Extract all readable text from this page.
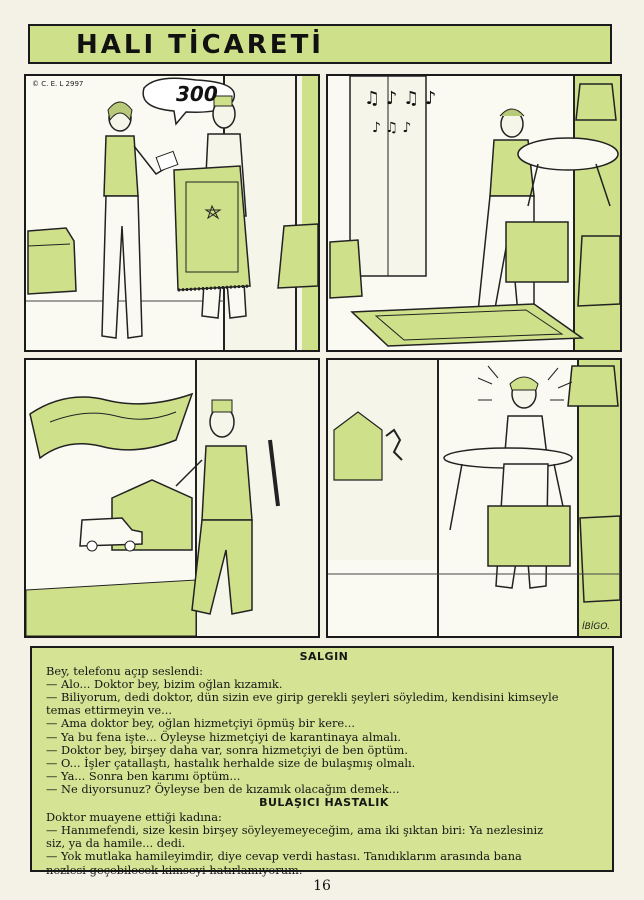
HALI TİCARETİ
© C. E. L 2997	300	♫ ♪ ♫ ♪
♪ ♫ ♪
İBİGO.
SALGIN
Bey, telefonu açıp seslendi:
— Alo... Doktor bey, bizim oğlan kızamık.
— Biliyorum, dedi doktor, dün sizin eve girip gerekli şeyleri söyledim, kendisini kimseyle
temas ettirmeyin ve...
— Ama doktor bey, oğlan hizmetçiyi öpmüş bir kere...
— Ya bu fena işte... Öyleyse hizmetçiyi de karantinaya almalı.
— Doktor bey, birşey daha var, sonra hizmetçiyi de ben öptüm.
— O... İşler çatallaştı, hastalık herhalde size de bulaşmış olmalı.
— Ya... Sonra ben karımı öptüm...
— Ne diyorsunuz? Öyleyse ben de kızamık olacağım demek...
BULAŞICI HASTALIK
Doktor muayene ettiği kadına:
— Hanımefendi, size kesin birşey söyleyemeyeceğim, ama iki şıktan biri: Ya nezlesiniz
siz, ya da hamile... dedi.
— Yok mutlaka hamileyimdir, diye cevap verdi hastası. Tanıdıklarım arasında bana
nezlesi geçebilecek kimseyi hatırlamıyorum.
16
